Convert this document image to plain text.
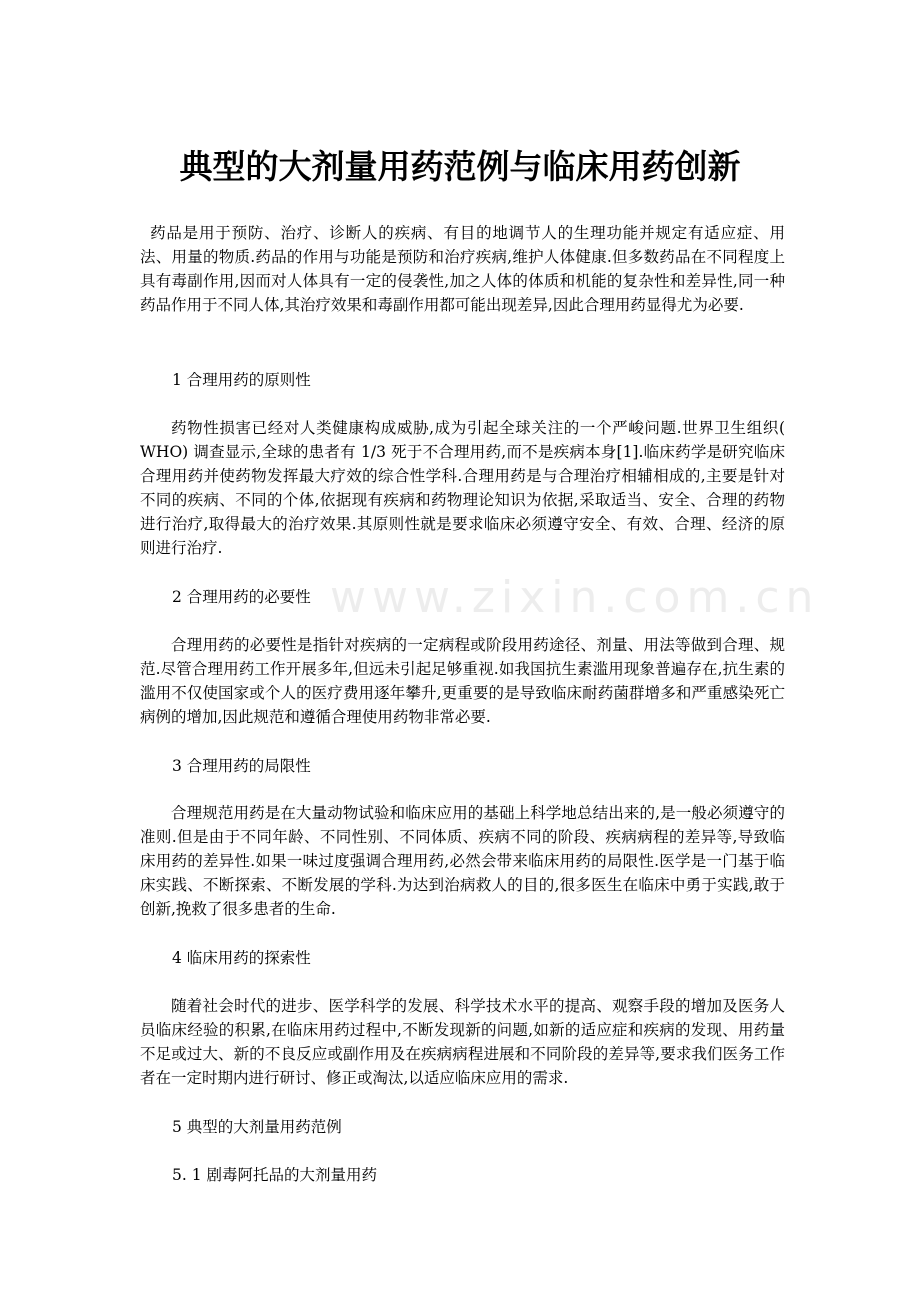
www.zixin.com.cn
典型的大剂量用药范例与临床用药创新

药品是用于预防、治疗、诊断人的疾病、有目的地调节人的生理功能并规定有适应症、用法、用量的物质.药品的作用与功能是预防和治疗疾病,维护人体健康.但多数药品在不同程度上具有毒副作用,因而对人体具有一定的侵袭性,加之人体的体质和机能的复杂性和差异性,同一种药品作用于不同人体,其治疗效果和毒副作用都可能出现差异,因此合理用药显得尤为必要.

1 合理用药的原则性

药物性损害已经对人类健康构成威胁,成为引起全球关注的一个严峻问题.世界卫生组织( WHO) 调查显示,全球的患者有 1/3 死于不合理用药,而不是疾病本身[1].临床药学是研究临床合理用药并使药物发挥最大疗效的综合性学科.合理用药是与合理治疗相辅相成的,主要是针对不同的疾病、不同的个体,依据现有疾病和药物理论知识为依据,采取适当、安全、合理的药物进行治疗,取得最大的治疗效果.其原则性就是要求临床必须遵守安全、有效、合理、经济的原则进行治疗.

2 合理用药的必要性

合理用药的必要性是指针对疾病的一定病程或阶段用药途径、剂量、用法等做到合理、规范.尽管合理用药工作开展多年,但远未引起足够重视.如我国抗生素滥用现象普遍存在,抗生素的滥用不仅使国家或个人的医疗费用逐年攀升,更重要的是导致临床耐药菌群增多和严重感染死亡病例的增加,因此规范和遵循合理使用药物非常必要.

3 合理用药的局限性

合理规范用药是在大量动物试验和临床应用的基础上科学地总结出来的,是一般必须遵守的准则.但是由于不同年龄、不同性别、不同体质、疾病不同的阶段、疾病病程的差异等,导致临床用药的差异性.如果一味过度强调合理用药,必然会带来临床用药的局限性.医学是一门基于临床实践、不断探索、不断发展的学科.为达到治病救人的目的,很多医生在临床中勇于实践,敢于创新,挽救了很多患者的生命.

4 临床用药的探索性

随着社会时代的进步、医学科学的发展、科学技术水平的提高、观察手段的增加及医务人员临床经验的积累,在临床用药过程中,不断发现新的问题,如新的适应症和疾病的发现、用药量不足或过大、新的不良反应或副作用及在疾病病程进展和不同阶段的差异等,要求我们医务工作者在一定时期内进行研讨、修正或淘汰,以适应临床应用的需求.

5 典型的大剂量用药范例

5. 1 剧毒阿托品的大剂量用药
